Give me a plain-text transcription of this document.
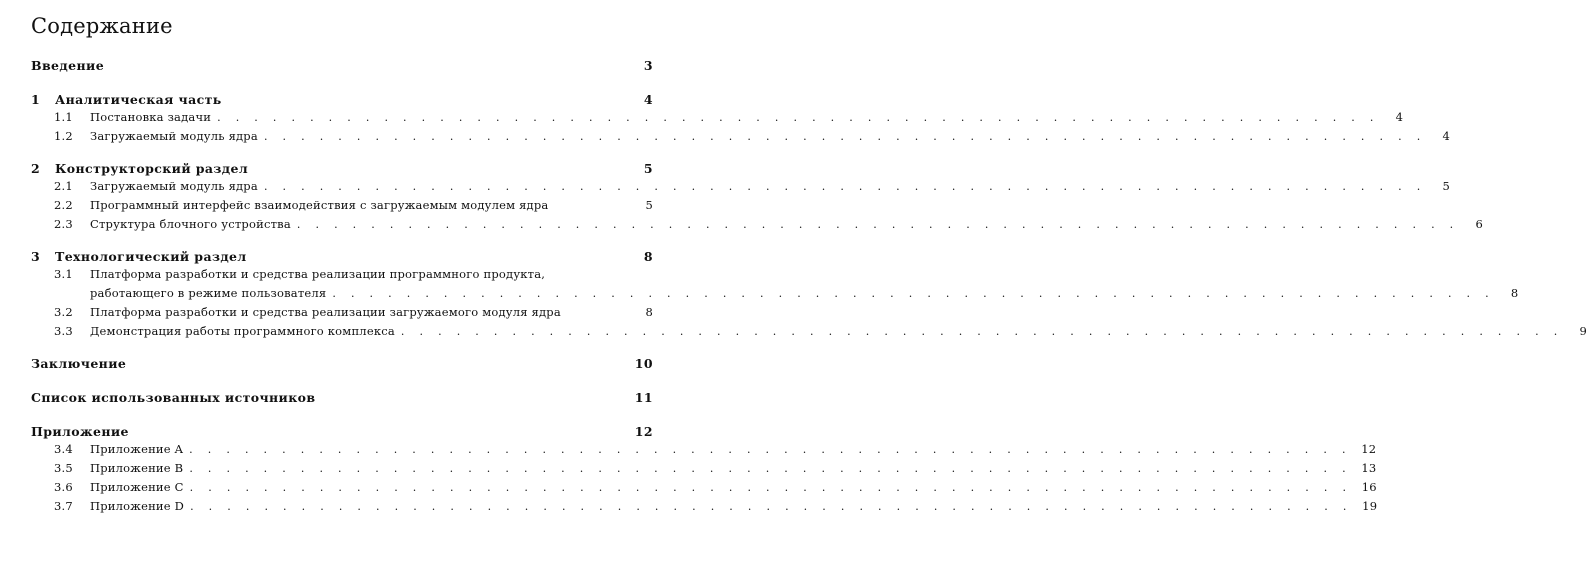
Содержание
Введение	3
1	Аналитическая часть	4
1.1	Постановка задачи . . . . . . . . . . . . . . . . . . . . . . . . . . . . . . . . . . . . . . . . . . . . . . . . . . . . . . . . . . . . . . .	4
1.2	Загружаемый модуль ядра . . . . . . . . . . . . . . . . . . . . . . . . . . . . . . . . . . . . . . . . . . . . . . . . . . . . . . . . . . . . . . .	4
2	Конструкторский раздел	5
2.1	Загружаемый модуль ядра . . . . . . . . . . . . . . . . . . . . . . . . . . . . . . . . . . . . . . . . . . . . . . . . . . . . . . . . . . . . . . .	5
2.2	Программный интерфейс взаимодействия с загружаемым модулем ядра	5
2.3	Структура блочного устройства . . . . . . . . . . . . . . . . . . . . . . . . . . . . . . . . . . . . . . . . . . . . . . . . . . . . . . . . . . . . . . .	6
3	Технологический раздел	8
3.1	Платформа разработки и средства реализации программного продукта,
работающего в режиме пользователя . . . . . . . . . . . . . . . . . . . . . . . . . . . . . . . . . . . . . . . . . . . . . . . . . . . . . . . . . . . . . . .	8
3.2	Платформа разработки и средства реализации загружаемого модуля ядра	8
3.3	Демонстрация работы программного комплекса . . . . . . . . . . . . . . . . . . . . . . . . . . . . . . . . . . . . . . . . . . . . . . . . . . . . . . . . . . . . . . .	9
Заключение	10
Список использованных источников	11
Приложение	12
3.4	Приложение A . . . . . . . . . . . . . . . . . . . . . . . . . . . . . . . . . . . . . . . . . . . . . . . . . . . . . . . . . . . . . . . 12
3.5	Приложение B . . . . . . . . . . . . . . . . . . . . . . . . . . . . . . . . . . . . . . . . . . . . . . . . . . . . . . . . . . . . . . . 13
3.6	Приложение C . . . . . . . . . . . . . . . . . . . . . . . . . . . . . . . . . . . . . . . . . . . . . . . . . . . . . . . . . . . . . . . 16
3.7	Приложение D . . . . . . . . . . . . . . . . . . . . . . . . . . . . . . . . . . . . . . . . . . . . . . . . . . . . . . . . . . . . . . . 19
